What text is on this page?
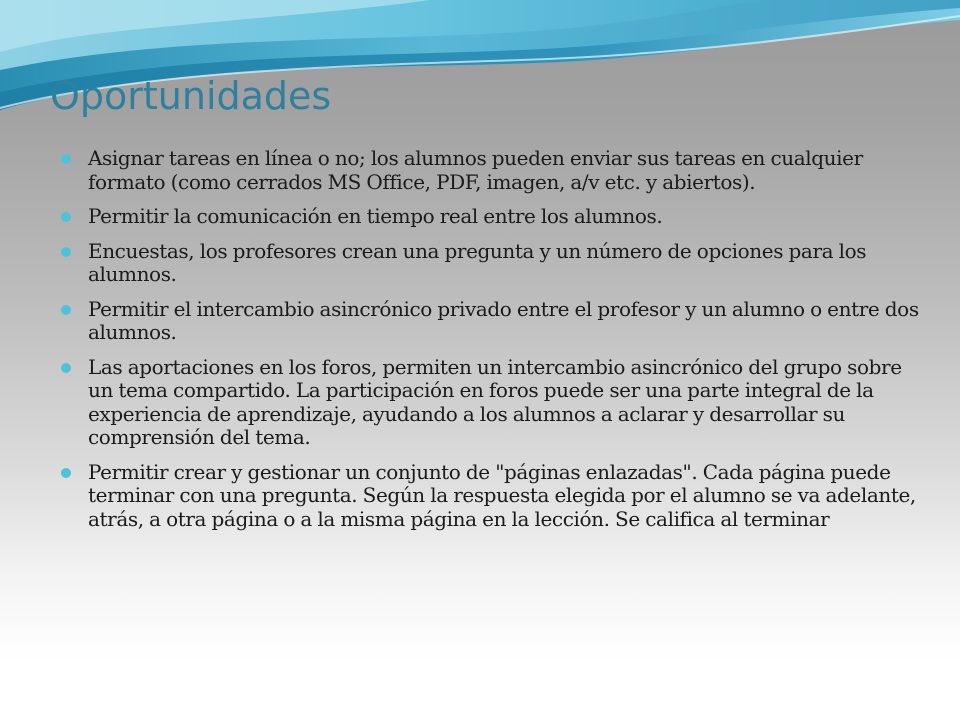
Oportunidades
Asignar tareas en línea o no; los alumnos pueden enviar sus tareas en cualquier formato (como cerrados MS Office, PDF, imagen, a/v etc. y abiertos).
Permitir la comunicación en tiempo real entre los alumnos.
Encuestas, los profesores crean una pregunta y un número de opciones para los alumnos.
Permitir el intercambio asincrónico privado entre el profesor y un alumno o entre dos alumnos.
Las aportaciones en los foros, permiten un intercambio asincrónico del grupo sobre un tema compartido. La participación en foros puede ser una parte integral de la experiencia de aprendizaje, ayudando a los alumnos a aclarar y desarrollar su comprensión del tema.
Permitir crear y gestionar un conjunto de "páginas enlazadas". Cada página puede terminar con una pregunta. Según la respuesta elegida por el alumno se va adelante, atrás, a otra página o a la misma página en la lección. Se califica al terminar
